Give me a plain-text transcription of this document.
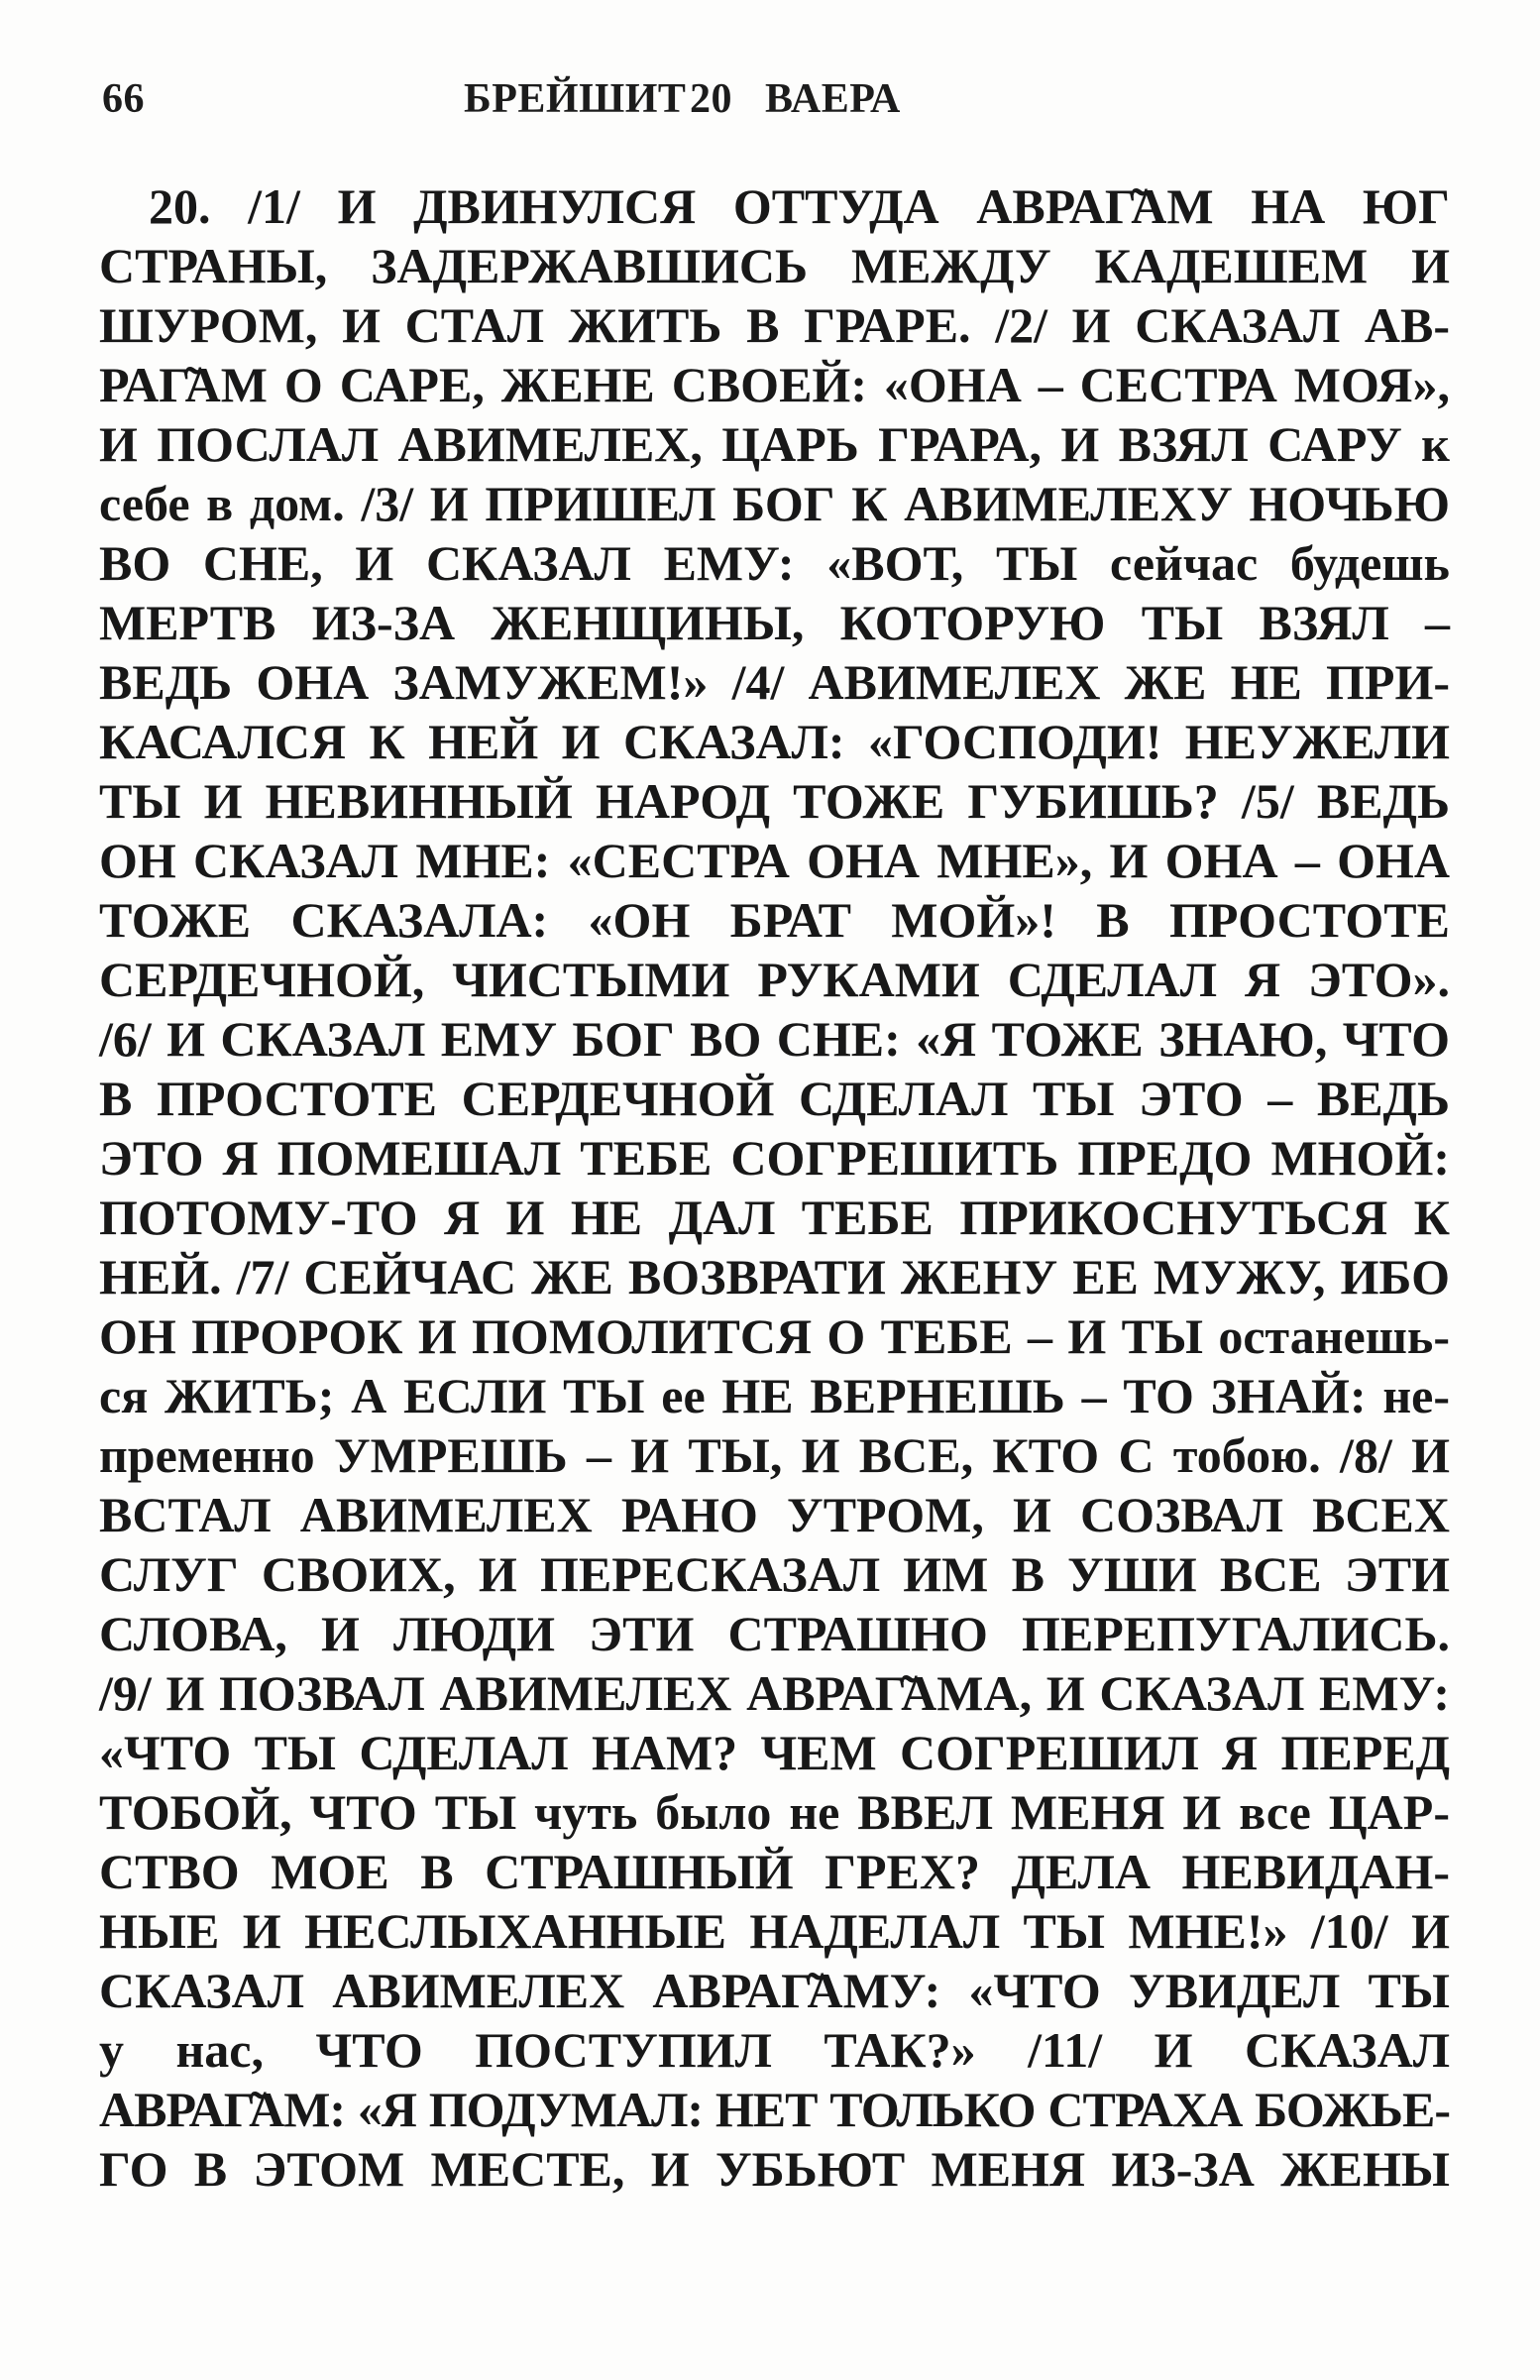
66	БРЕЙШИТ 20 ВАЕРА
20. /1/ И ДВИНУЛСЯ ОТТУДА АВРАГ̃АМ НА ЮГ
СТРАНЫ, ЗАДЕРЖАВШИСЬ МЕЖДУ КАДЕШЕМ И
ШУРОМ, И СТАЛ ЖИТЬ В ГРАРЕ. /2/ И СКАЗАЛ АВ-
РАГ̃АМ О САРЕ, ЖЕНЕ СВОЕЙ: «ОНА – СЕСТРА МОЯ»,
И ПОСЛАЛ АВИМЕЛЕХ, ЦАРЬ ГРАРА, И ВЗЯЛ САРУ к
себе в дом. /3/ И ПРИШЕЛ БОГ К АВИМЕЛЕХУ НОЧЬЮ
ВО СНЕ, И СКАЗАЛ ЕМУ: «ВОТ, ТЫ сейчас будешь
МЕРТВ ИЗ-ЗА ЖЕНЩИНЫ, КОТОРУЮ ТЫ ВЗЯЛ –
ВЕДЬ ОНА ЗАМУЖЕМ!» /4/ АВИМЕЛЕХ ЖЕ НЕ ПРИ-
КАСАЛСЯ К НЕЙ И СКАЗАЛ: «ГОСПОДИ! НЕУЖЕЛИ
ТЫ И НЕВИННЫЙ НАРОД ТОЖЕ ГУБИШЬ? /5/ ВЕДЬ
ОН СКАЗАЛ МНЕ: «СЕСТРА ОНА МНЕ», И ОНА – ОНА
ТОЖЕ СКАЗАЛА: «ОН БРАТ МОЙ»! В ПРОСТОТЕ
СЕРДЕЧНОЙ, ЧИСТЫМИ РУКАМИ СДЕЛАЛ Я ЭТО».
/6/ И СКАЗАЛ ЕМУ БОГ ВО СНЕ: «Я ТОЖЕ ЗНАЮ, ЧТО
В ПРОСТОТЕ СЕРДЕЧНОЙ СДЕЛАЛ ТЫ ЭТО – ВЕДЬ
ЭТО Я ПОМЕШАЛ ТЕБЕ СОГРЕШИТЬ ПРЕДО МНОЙ:
ПОТОМУ-ТО Я И НЕ ДАЛ ТЕБЕ ПРИКОСНУТЬСЯ К
НЕЙ. /7/ СЕЙЧАС ЖЕ ВОЗВРАТИ ЖЕНУ ЕЕ МУЖУ, ИБО
ОН ПРОРОК И ПОМОЛИТСЯ О ТЕБЕ – И ТЫ останешь-
ся ЖИТЬ; А ЕСЛИ ТЫ ее НЕ ВЕРНЕШЬ – ТО ЗНАЙ: не-
пременно УМРЕШЬ – И ТЫ, И ВСЕ, КТО С тобою. /8/ И
ВСТАЛ АВИМЕЛЕХ РАНО УТРОМ, И СОЗВАЛ ВСЕХ
СЛУГ СВОИХ, И ПЕРЕСКАЗАЛ ИМ В УШИ ВСЕ ЭТИ
СЛОВА, И ЛЮДИ ЭТИ СТРАШНО ПЕРЕПУГАЛИСЬ.
/9/ И ПОЗВАЛ АВИМЕЛЕХ АВРАГ̃АМА, И СКАЗАЛ ЕМУ:
«ЧТО ТЫ СДЕЛАЛ НАМ? ЧЕМ СОГРЕШИЛ Я ПЕРЕД
ТОБОЙ, ЧТО ТЫ чуть было не ВВЕЛ МЕНЯ И все ЦАР-
СТВО МОЕ В СТРАШНЫЙ ГРЕХ? ДЕЛА НЕВИДАН-
НЫЕ И НЕСЛЫХАННЫЕ НАДЕЛАЛ ТЫ МНЕ!» /10/ И
СКАЗАЛ АВИМЕЛЕХ АВРАГ̃АМУ: «ЧТО УВИДЕЛ ТЫ
у нас, ЧТО ПОСТУПИЛ ТАК?» /11/ И СКАЗАЛ
АВРАГ̃АМ: «Я ПОДУМАЛ: НЕТ ТОЛЬКО СТРАХА БОЖЬЕ-
ГО В ЭТОМ МЕСТЕ, И УБЬЮТ МЕНЯ ИЗ-ЗА ЖЕНЫ
